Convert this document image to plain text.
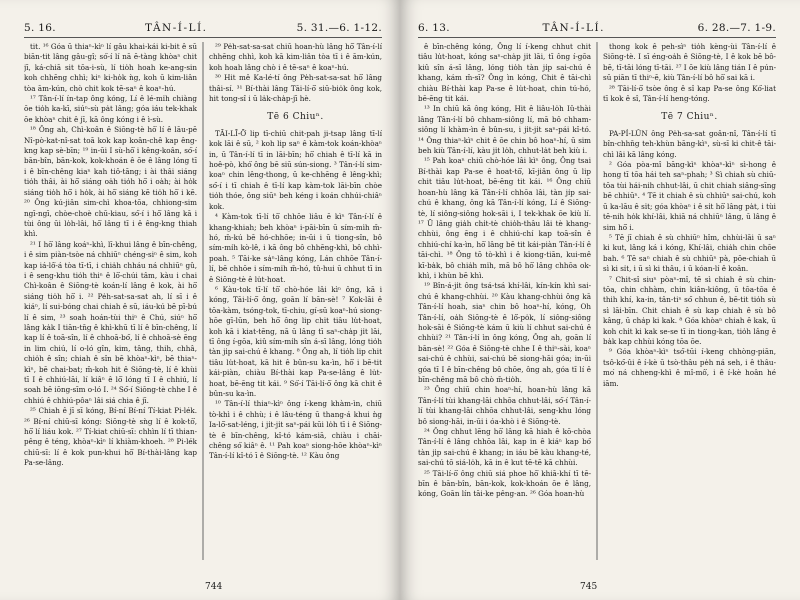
5. 16.	TÂN-Í-LÍ.	5. 31.—6. 1-12.

tit. ¹⁶ Góa ū thiaⁿ-kìⁿ lí gâu khai-kái ki-bit ê sū biān-tit lâng gâu-gî; só͘-í lí nā ē-tàng khòaⁿ chit jī, ká-chiā sit tōa-i-sù, lí tio̍h hoah ke-ang-sin koh chhēng chhì; kiⁿ ki-ho̍k ǹg, koh ū kim-liân tòa ām-kún, chò chit kok tē-saⁿ ê koaⁿ-hú.

¹⁷ Tân-í-lí ín-tap ông kóng, Lí ê lé-mi̍h chiàng ōe tio̍h ka-kī, siúⁿ-sù pa̍t lâng; góa iáu tek-khak ōe khòaⁿ chit ê jī, kā ông kóng i ê ì-sù.

¹⁸ Ông ah, Chì-koân ê Siōng-tè hō͘ lí ê lāu-pē Nî-pò-kat-nî-sat toā kok kap koân-chê kap êng-kng kap sè-bīn; ¹⁹ in-ūi I sù-hō͘ i kêng-koân, só͘-í bān-bîn, bān-kok, kok-khoán ê ōe ê lâng lóng tī i ê bīn-chêng kiaⁿ kah tiô-tāng; i ài thâi siáng tio̍h thâi, ài hō͘ siáng oa̍h tio̍h hō͘ i oa̍h; ài ho̍k siáng tio̍h hō͘ i ho̍k, ài hō͘ siáng kē tio̍h hō͘ i kē. ²⁰ Ông kú-jiân sim-chì khoa-tōa, chhiong-sim ngī-ngī, chòe-choè chū-kiau, só͘-í i hō͘ lâng kā i tùi ông ūi lo̍h-lâi, hō͘ lâng tī i ê êng-kng thiah khì.

²¹ I hō͘ lâng koáⁿ-khì, lī-khui lâng ê bīn-chêng, i ê sim piàn-tsòe ná chhiūⁿ chéng-siⁿ ê sim, koh kap iá-lô͘-á tòa tī-tī, i chia̍h chháu ná chhiūⁿ gû, i ê seng-khu tio̍h thiⁿ ê lō͘-chúi tâm, kàu i chai Chì-koân ê Siōng-tè koán-lí lâng ê kok, ài hō͘ siáng tio̍h hō͘ i. ²² Pe̍h-sat-sa-sat ah, lí sī i ê kiáⁿ, lí sui-bóng chai chiah ê sū, iáu-kú bē pī-bú lí ê sim, ²³ soah hoán-tùi thiⁿ ê Chú, siúⁿ hō͘ lâng ka̍k I tiān-tn̄g ê khì-khū tī lí ê bīn-chêng, lí kap lí ê toā-sîn, lí ê chhoā-bó͘, lí ê chhoā-sè ēng in lim chiú, lí o-ló gîn, kim, tâng, thih, chhâ, chio̍h ê sîn; chiah ê sîn bē khòaⁿ-kìⁿ, bē thiaⁿ-kìⁿ, bē chai-bat; m̄-koh hit ê Siōng-tè, lí ê khùi tī I ê chhiú-lāi, lí kiâⁿ ê lō͘ lóng tī I ê chhiú, lí soah bē iōng-sīm o-ló I. ²⁴ Só͘-í Siōng-tè chhe I ê chhiú ê chhiú-pôaⁿ lâi siá chia ê jī.

²⁵ Chiah ê jī sī kóng, Bí-ní Bí-ní Tí-kiat Pi-lék. ²⁶ Bí-ní chiū-sī kóng: Siōng-tè sǹg lí ê kok-tō͘, hō͘ lí liáu kok. ²⁷ Tí-kiat chiū-sī: chhìn lí tī thian-pêng ê téng, khòaⁿ-kìⁿ lí khiàm-khoeh. ²⁸ Pi-lék chiū-sī: lí ê kok pun-khui hō͘ Bí-thài-lâng kap Pa-se-lâng.

²⁹ Pe̍h-sat-sa-sat chiū hoan-hù lâng hō͘ Tân-í-lí chhēng chhì, koh kā kim-liân tòa tī i ê ām-kún, koh hoah lâng chò i ê tē-saⁿ ê koaⁿ-hú.

³⁰ Hit mê Ka-lé-tí ông Pe̍h-sat-sa-sat hō͘ lâng thâi-sí. ³¹ Bí-thài lâng Tāi-lí-ō͘ siū-bio̍k ông kok, hit tong-sî i ū la̍k-cha̍p-jī hè.

Tē 6 Chiuⁿ.

TĀI-LĪ-Ō͘ lip tī-chiū chit-pah ji-tsap lâng tī-lí kok lāi ê sū, ² koh lip saⁿ ê kàm-tok koán-khòaⁿ in, ū Tân-í-lí tī in lāi-bīn; hō͘ chiah ê tī-lí kā in hoê-pò, khó͘ ông bē siū sún-siong. ³ Tân-í-lí sim-koaⁿ chin lêng-thong, ū ke-chhēng ê lêng-khì; só͘-í i tī chiah ê tī-lí kap kàm-tok lāi-bīn chòe tio̍h thóe, ông siūⁿ beh kéng i koán chhúi-chiâⁿ kok.

⁴ Kàm-tok tī-lí tō͘ chhōe liâu ē kìⁿ Tân-í-lí ê khang-khiah; beh khòaⁿ i-pāi-bīn ū sím-mi̍h m̄-hó, m̄-kú bē hó-chhōe; in-ūi i ū tiong-sîn, bô sím-mi̍h kò-lê, i kā ông bô chhēng-khì, bô chhì-poah. ⁵ Tāi-ke sa̍ⁿ-lâng kóng, Lán chhōe Tân-í-lí, bē chhōe i sím-mi̍h m̄-hó, tû-hui ū chhut tī in ê Siōng-tè ê lu̍t-hoat.

⁶ Kàu-tok tī-lí tō͘ chò-hóe lâi kìⁿ ông, kā i kóng, Tāi-lí-ō͘ ông, goān lí bān-sè! ⁷ Kok-lāi ê tōa-kàm, tsóng-tok, tī-chiu, gí-sū koaⁿ-hú siong-hōe gī-lūn, beh hō͘ ông lip chi̍t tiâu lu̍t-hoat, koh kā i kiat-tēng, nā ū lâng tī saⁿ-cha̍p ji̍t lāi, tī ông í-gōa, kiû sím-mi̍h sîn á-sī lâng, lóng tio̍h tàn ji̍p sai-chú ê khang. ⁸ Ông ah, lí tio̍h lip chit tiâu lu̍t-hoat, kā hit ê bûn-su ka-ìn, hō͘ i bē-tit kái-piàn, chiàu Bí-thài kap Pa-se-lâng ê lu̍t-hoat, bē-ēng tit kái. ⁹ Só͘-í Tāi-lí-ō͘ ông kā chit ê bûn-su ka-ìn.

¹⁰ Tân-í-lí thiaⁿ-kìⁿ ông í-keng khàm-ìn, chiū tò-khì i ê chhù; i ê lâu-téng ū thang-á khui ǹg Ia-lō͘-sat-léng, i ji̍t-ji̍t saⁿ-pái kūi lo̍h tī i ê Siōng-tè ê bīn-chêng, kî-tó kám-siā, chiàu i chāi-chêng só͘ kiâⁿ ê. ¹¹ Pah koaⁿ siong-hōe khòaⁿ-kìⁿ Tân-í-lí kî-tó ī ê Siōng-tè. ¹² Kàu ông

744
6. 13.	TÂN-Í-LÍ.	6. 28.—7. 1-9.

ê bīn-chêng kóng, Ông lí í-keng chhut chit tiâu lu̍t-hoat, kóng saⁿ-cha̍p ji̍t lāi, tī ông í-gōa kiû sîn á-sī lâng, lóng tio̍h tàn ji̍p sai-chú ê khang, kám m̄-sī? Ông ìn kóng, Chit ê tāi-chì chiàu Bí-thài kap Pa-se ê lu̍t-hoat, chin tú-hó, bē-ēng tit kái.

¹³ In chiū kā ông kóng, Hit ê liâu-lo̍h Iû-thài lâng Tân-í-lí bô chham-siông lí, mā bô chham-siông lí khàm-ìn ê bûn-su, i ji̍t-ji̍t saⁿ-pái kî-tó. ¹⁴ Ông thiaⁿ-kìⁿ chit ê ōe chin bô hoaⁿ-hí, ū sim beh kiù Tân-í-lí, kàu ji̍t lo̍h, chhut-la̍t beh kiù i.

¹⁵ Pah koaⁿ chiū chò-hóe lâi kìⁿ ông, Ông tsai Bí-thài kap Pa-se ê hoat-tō͘, kī-jiân ông ū lip chit tiâu lu̍t-hoat, bē-ēng tit kái. ¹⁶ Ông chiū hoan-hù lâng kā Tân-í-lí chhōa lâi, tàn ji̍p sai-chú ê khang, ông kā Tân-í-lí kóng, Lí ê Siōng-tè, lí siông-siông hok-sāi i, I tek-khak ōe kiù lí. ¹⁷ Ū lâng gia̍h chi̍t-tè chio̍h-thâu lâi tè khang-chhùi, ông ēng i ê chhiú-chí kap toā-sîn ê chhiú-chí ka-ìn, hō͘ lâng bē tit kái-piàn Tân-í-lí ê tāi-chì. ¹⁸ Ông tō tò-khì i ê kiong-tiān, kui-mê kī-ba̍k, bô chia̍h mi̍h, mā bô hō͘ lâng chhōa ok-khì, i khùn bē khì.

¹⁹ Bîn-á-ji̍t ông tsá-tsá khí-lâi, kín-kín khì sai-chú ê khang-chhùi. ²⁰ Kàu khang-chhùi ông kā Tân-í-lí hoah, siaⁿ chin bô hoaⁿ-hí, kóng, Oh Tân-í-lí, oa̍h Siōng-tè ê lô͘-po̍k, lí siông-siông hok-sāi ê Siōng-tè kám ū kiù lí chhut sai-chú ê chhùi? ²¹ Tân-í-lí ìn ông kóng, Ông ah, goān lí bān-sè! ²² Góa ê Siōng-tè chhe I ê thiⁿ-sài, koaⁿ sai-chú ê chhùi, sai-chú bē siong-hāi góa; in-ūi góa tī I ê bīn-chêng bô chōe, ông ah, góa tī lí ê bīn-chêng mā bô chò m̄-tio̍h.

²³ Ông chiū chin hoaⁿ-hí, hoan-hù lâng kā Tân-í-lí tùi khang-lāi chhōa chhut-lâi, só͘-í Tân-í-lí tùi khang-lāi chhōa chhut-lâi, seng-khu lóng bô siong-hāi, in-ūi i óa-khò i ê Siōng-tè.

²⁴ Ông chhut lēng hō͘ lâng kā hiah ê kō-chòa Tân-í-lí ê lâng chhōa lâi, kap in ê kiáⁿ kap bó͘ tàn ji̍p sai-chú ê khang; in iáu bē kàu khang-té, sai-chú tō siá-lo̍h, kā in ê kut tē-tē kā chhùi.

²⁵ Tāi-lí-ō͘ ông chiū siá phoe hō͘ khiā-khí tī tē-bīn ê bān-bîn, bān-kok, kok-khoán ōe ê lâng, kóng, Goān lín tāi-ke pêng-an. ²⁶ Góa hoan-hù

thong kok ê peh-sìⁿ tio̍h kèng-ùi Tân-í-lí ê Siōng-tè. I sī éng-oa̍h ê Siōng-tè, I ê kok bē bô-bē, tī-tāi lóng tī-tāi. ²⁷ I ōe kiù lâng tián I ê pún-sū piān tī thiⁿ-ē, kiù Tân-í-lí bô hō͘ sai kā i.

²⁸ Tāi-lí-ō͘ tsòe ông ê sî kap Pa-se ông Kó͘-liat tī kok ê sî, Tân-í-lí heng-tóng.

Tē 7 Chiuⁿ.

PA-PÍ-LÛN ông Pe̍h-sa-sat goân-nî, Tân-í-lí tī bîn-chhn̄g teh-khùn bāng-kìⁿ, sù-sī ki chit-ê tāi-chì lâi kā lâng kóng.

² Góa pòa-mî bāng-kìⁿ khòaⁿ-kìⁿ sì-hong ê hong tī tōa hái teh saⁿ-phah; ³ Sì chiah sù chiū-tōa tùi hái-nih chhut-lâi, ū chit chiah siâng-sīng bē chhiūⁿ. ⁴ Tē it chiah ê sù chhiūⁿ sai-chú, koh ū ka-lāu ê si̍t; góa khòaⁿ i ê si̍t hō͘ lâng pa̍t, i tùi tē-nih ho̍k khí-lâi, khiā ná chhiūⁿ lâng, ū lâng ê sim hō͘ i.

⁵ Tē jī chiah ê sù chhiūⁿ hîm, chhùi-lāi ū saⁿ ki kut, lâng ká i kóng, Khí-lâi, chia̍h chin chōe bah. ⁶ Tē saⁿ chiah ê sù chhiūⁿ pà, pōe-chiah ū sì ki si̍t, i ū sì ki thâu, i ū kóan-lí ê koân.

⁷ Chit-sî siuⁿ pòaⁿ-mî, tē sì chiah ê sù chin-tōa, chin chhàm, chin kiân-kiông, ū tōa-tōa ê thih khí, ka-in, tân-tiⁿ só͘ chhun ê, bē-tit tio̍h sù sì lāi-bīn. Chit chiah ê sù kap chiah ê sù bô kâng, ū cha̍p ki kak. ⁸ Góa khòaⁿ chiah ê kak, ū koh chi̍t ki kak se-se tī in tiong-kan, tio̍h lâng ê ba̍k kap chhùi kóng tōa ōe.

⁹ Góa khòaⁿ-kìⁿ tsó͘-tūi í-keng chhòng-piān, tsô-kó͘-ûi ê í-kè ū tsò-thâu pe̍h ná seh, i ê thâu-mo͘ ná chheng-khì ê mî-mô͘, i ê í-kè hoân hé iām.

745
